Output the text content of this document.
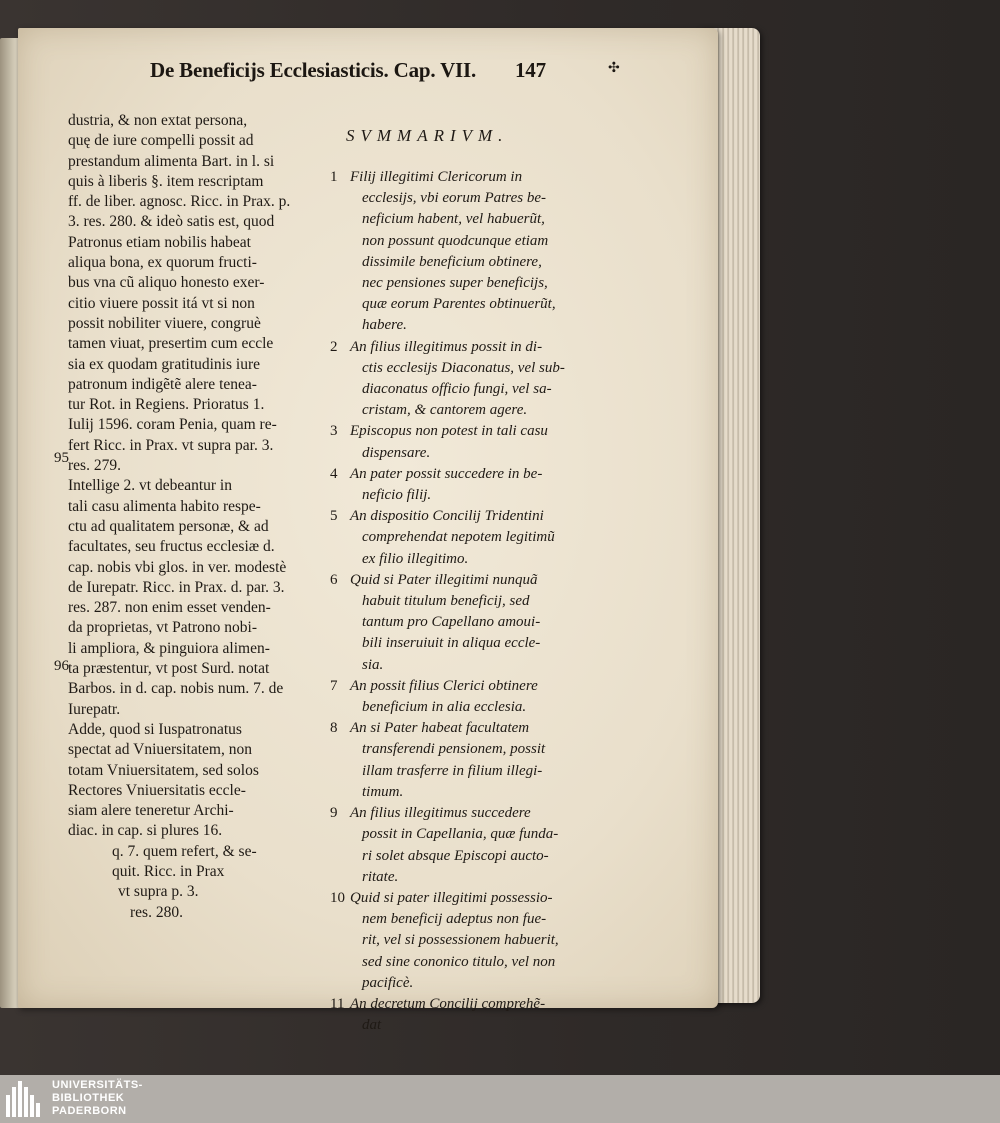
De Beneficijs Ecclesiasticis. Cap. VII. 147	✣
dustria, & non extat persona,
quę de iure compelli possit ad
prestandum alimenta Bart. in l. si
quis à liberis §. item rescriptam
ff. de liber. agnosc. Ricc. in Prax. p.
3. res. 280. & ideò satis est, quod
Patronus etiam nobilis habeat
aliqua bona, ex quorum fructi-
bus vna cũ aliquo honesto exer-
citio viuere possit itá vt si non
possit nobiliter viuere, congruè
tamen viuat, presertim cum eccle
sia ex quodam gratitudinis iure
patronum indigẽtẽ alere tenea-
tur Rot. in Regiens. Prioratus 1.
Iulij 1596. coram Penia, quam re-
fert Ricc. in Prax. vt supra par. 3.
res. 279.
Intellige 2. vt debeantur in
tali casu alimenta habito respe-
ctu ad qualitatem personæ, & ad
facultates, seu fructus ecclesiæ d.
cap. nobis vbi glos. in ver. modestè
de Iurepatr. Ricc. in Prax. d. par. 3.
res. 287. non enim esset venden-
da proprietas, vt Patrono nobi-
li ampliora, & pinguiora alimen-
ta præstentur, vt post Surd. notat
Barbos. in d. cap. nobis num. 7. de
Iurepatr.
Adde, quod si Iuspatronatus
spectat ad Vniuersitatem, non
totam Vniuersitatem, sed solos
Rectores Vniuersitatis eccle-
siam alere teneretur Archi-
diac. in cap. si plures 16.
q. 7. quem refert, & se-
quit. Ricc. in Prax
vt supra p. 3.
res. 280.
95
96
SVMMARIVM.
1 Filij illegitimi Clericorum in
ecclesijs, vbi eorum Patres be-
neficium habent, vel habuerũt,
non possunt quodcunque etiam
dissimile beneficium obtinere,
nec pensiones super beneficijs,
quæ eorum Parentes obtinuerũt,
habere.
2 An filius illegitimus possit in di-
ctis ecclesijs Diaconatus, vel sub-
diaconatus officio fungi, vel sa-
cristam, & cantorem agere.
3 Episcopus non potest in tali casu
dispensare.
4 An pater possit succedere in be-
neficio filij.
5 An dispositio Concilij Tridentini
comprehendat nepotem legitimũ
ex filio illegitimo.
6 Quid si Pater illegitimi nunquã
habuit titulum beneficij, sed
tantum pro Capellano amoui-
bili inseruiuit in aliqua eccle-
sia.
7 An possit filius Clerici obtinere
beneficium in alia ecclesia.
8 An si Pater habeat facultatem
transferendi pensionem, possit
illam trasferre in filium illegi-
timum.
9 An filius illegitimus succedere
possit in Capellania, quæ funda-
ri solet absque Episcopi aucto-
ritate.
10 Quid si pater illegitimi possessio-
nem beneficij adeptus non fue-
rit, vel si possessionem habuerit,
sed sine cononico titulo, vel non
pacificè.
11 An decretum Concilij comprehẽ-
dat
UNIVERSITÄTS-
BIBLIOTHEK
PADERBORN
